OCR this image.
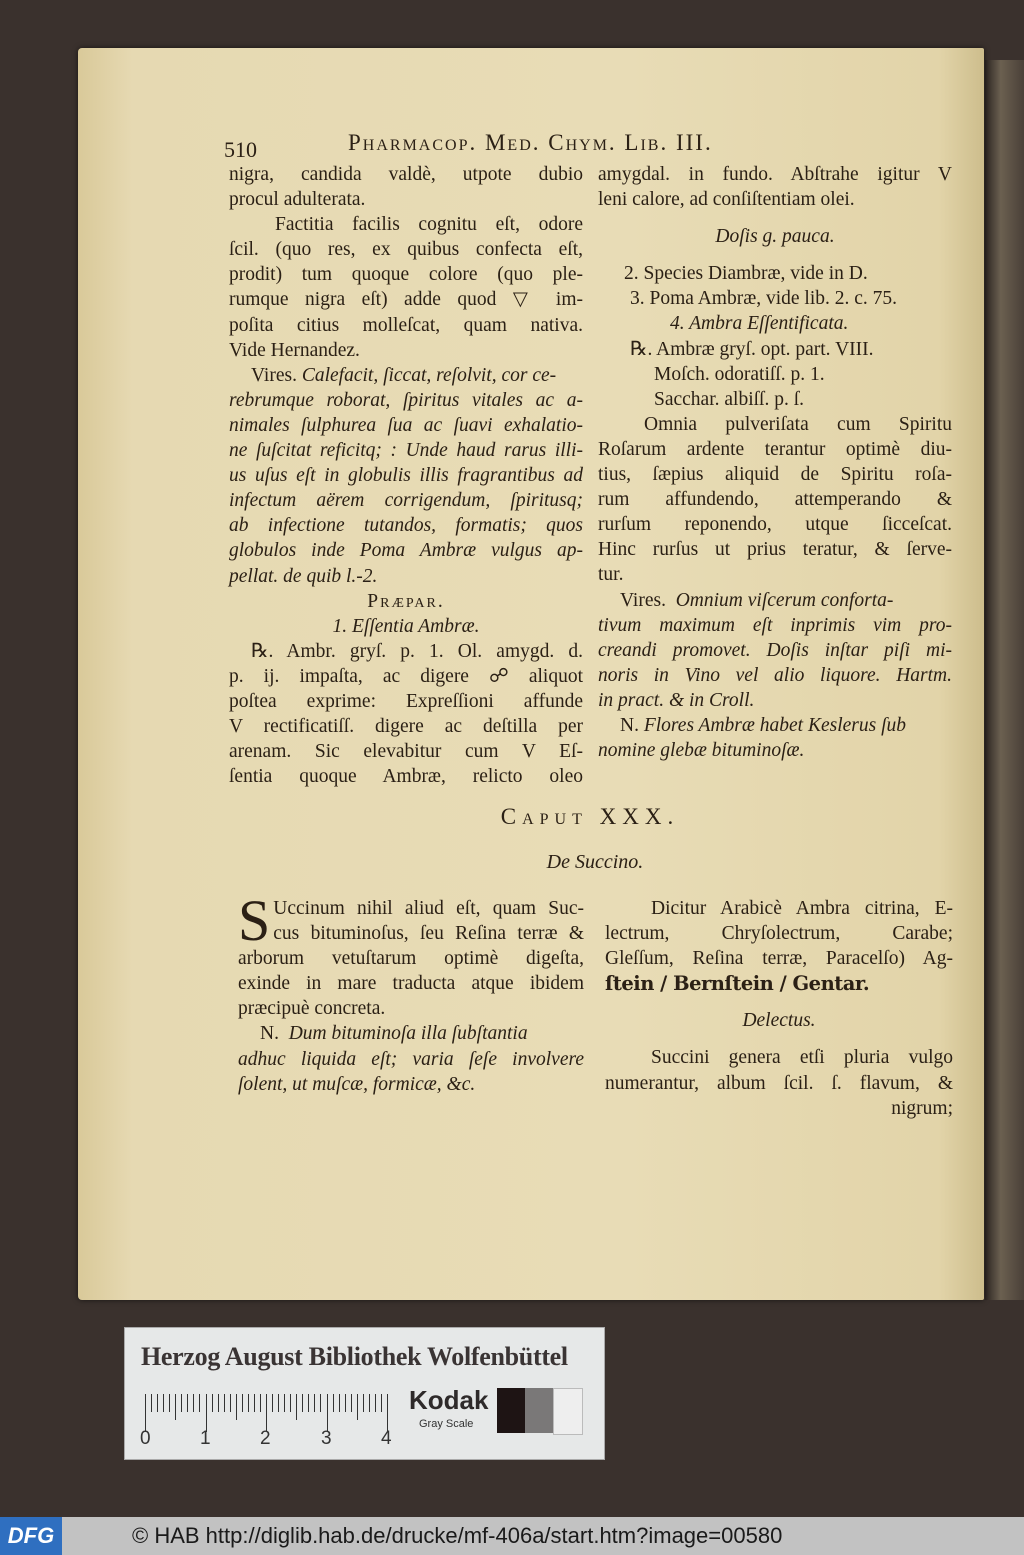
510	Pharmacop. Med. Chym. Lib. III.
nigra, candida valdè, utpote dubio
procul adulterata.
Factitia facilis cognitu eſt, odore
ſcil. (quo res, ex quibus confecta eſt,
prodit) tum quoque colore (quo ple-
rumque nigra eſt) adde quod ▽ im-
poſita citius molleſcat, quam nativa.
Vide Hernandez.
Vires. Calefacit, ſiccat, reſolvit, cor ce-
rebrumque roborat, ſpiritus vitales ac a-
nimales ſulphurea ſua ac ſuavi exhalatio-
ne ſuſcitat reficitq; : Unde haud rarus illi-
us uſus eſt in globulis illis fragrantibus ad
infectum aërem corrigendum, ſpiritusq;
ab infectione tutandos, formatis; quos
globulos inde Poma Ambræ vulgus ap-
pellat. de quib l.-2.
Præpar.
1. Eſſentia Ambræ.
℞. Ambr. gryſ. p. 1. Ol. amygd. d.
p. ij. impaſta, ac digere ☍ aliquot
poſtea exprime: Expreſſioni affunde
V rectificatiſſ. digere ac deſtilla per
arenam. Sic elevabitur cum V Eſ-
ſentia quoque Ambræ, relicto oleo
amygdal. in fundo. Abſtrahe igitur V
leni calore, ad conſiſtentiam olei.
Doſis g. pauca.
2. Species Diambræ, vide in D.
3. Poma Ambræ, vide lib. 2. c. 75.
4. Ambra Eſſentificata.
℞. Ambræ gryſ. opt. part. VIII.
Moſch. odoratiſſ. p. 1.
Sacchar. albiſſ. p. ſ.
Omnia pulveriſata cum Spiritu
Roſarum ardente terantur optimè diu-
tius, ſæpius aliquid de Spiritu roſa-
rum affundendo, attemperando &
rurſum reponendo, utque ſicceſcat.
Hinc rurſus ut prius teratur, & ſerve-
tur.
Vires. Omnium viſcerum conforta-
tivum maximum eſt inprimis vim pro-
creandi promovet. Doſis inſtar piſi mi-
noris in Vino vel alio liquore. Hartm.
in pract. & in Croll.
N. Flores Ambræ habet Keslerus ſub
nomine glebæ bituminoſæ.
Caput XXX.
De Succino.
S Uccinum nihil aliud eſt, quam Suc-
cus bituminoſus, ſeu Reſina terræ &
arborum vetuſtarum optimè digeſta,
exinde in mare traducta atque ibidem
præcipuè concreta.
N. Dum bituminoſa illa ſubſtantia
adhuc liquida eſt; varia ſeſe involvere
ſolent, ut muſcæ, formicæ, &c.
Dicitur Arabicè Ambra citrina, E-
lectrum, Chryſolectrum, Carabe;
Gleſſum, Reſina terræ, Paracelſo) Ag-
ſtein / Bernſtein / Gentar.
Delectus.
Succini genera etſi pluria vulgo
numerantur, album ſcil. ſ. flavum, &
nigrum;
Herzog August Bibliothek Wolfenbüttel
0	1	2	3	4
Kodak
Gray Scale
DFG	© HAB http://diglib.hab.de/drucke/mf-406a/start.htm?image=00580
